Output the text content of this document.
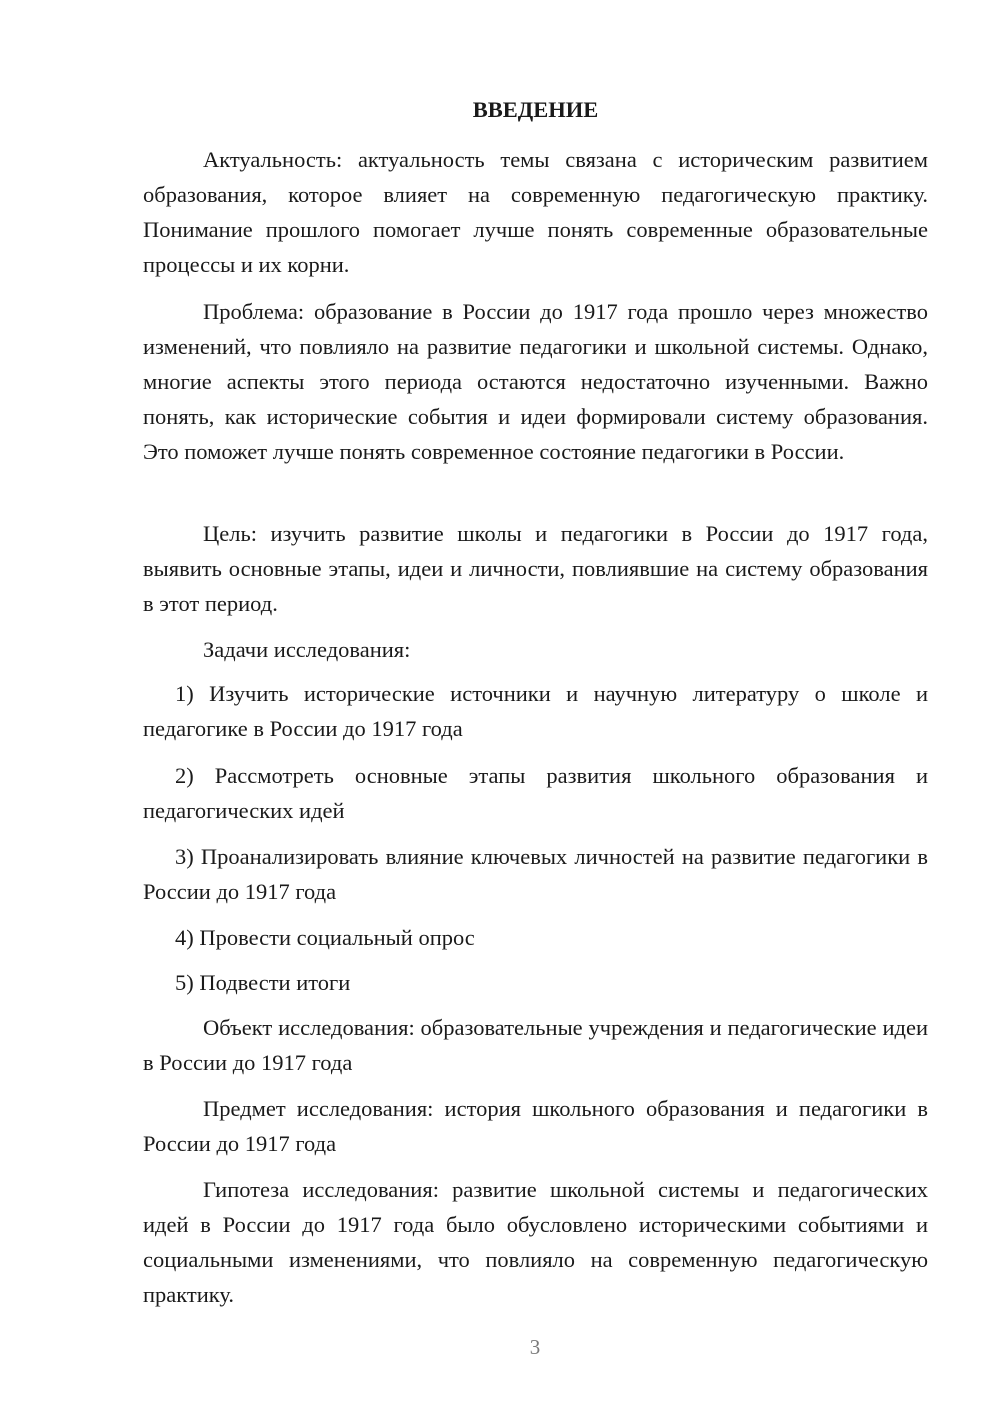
ВВЕДЕНИЕ

Актуальность: актуальность темы связана с историческим развитием образования, которое влияет на современную педагогическую практику. Понимание прошлого помогает лучше понять современные образовательные процессы и их корни.

Проблема: образование в России до 1917 года прошло через множество изменений, что повлияло на развитие педагогики и школьной системы. Однако, многие аспекты этого периода остаются недостаточно изученными. Важно понять, как исторические события и идеи формировали систему образования. Это поможет лучше понять современное состояние педагогики в России.

Цель: изучить развитие школы и педагогики в России до 1917 года, выявить основные этапы, идеи и личности, повлиявшие на систему образования в этот период.

Задачи исследования:

1) Изучить исторические источники и научную литературу о школе и педагогике в России до 1917 года

2) Рассмотреть основные этапы развития школьного образования и педагогических идей

3) Проанализировать влияние ключевых личностей на развитие педагогики в России до 1917 года

4) Провести социальный опрос

5) Подвести итоги

Объект исследования: образовательные учреждения и педагогические идеи в России до 1917 года

Предмет исследования: история школьного образования и педагогики в России до 1917 года

Гипотеза исследования: развитие школьной системы и педагогических идей в России до 1917 года было обусловлено историческими событиями и социальными изменениями, что повлияло на современную педагогическую практику.

3
